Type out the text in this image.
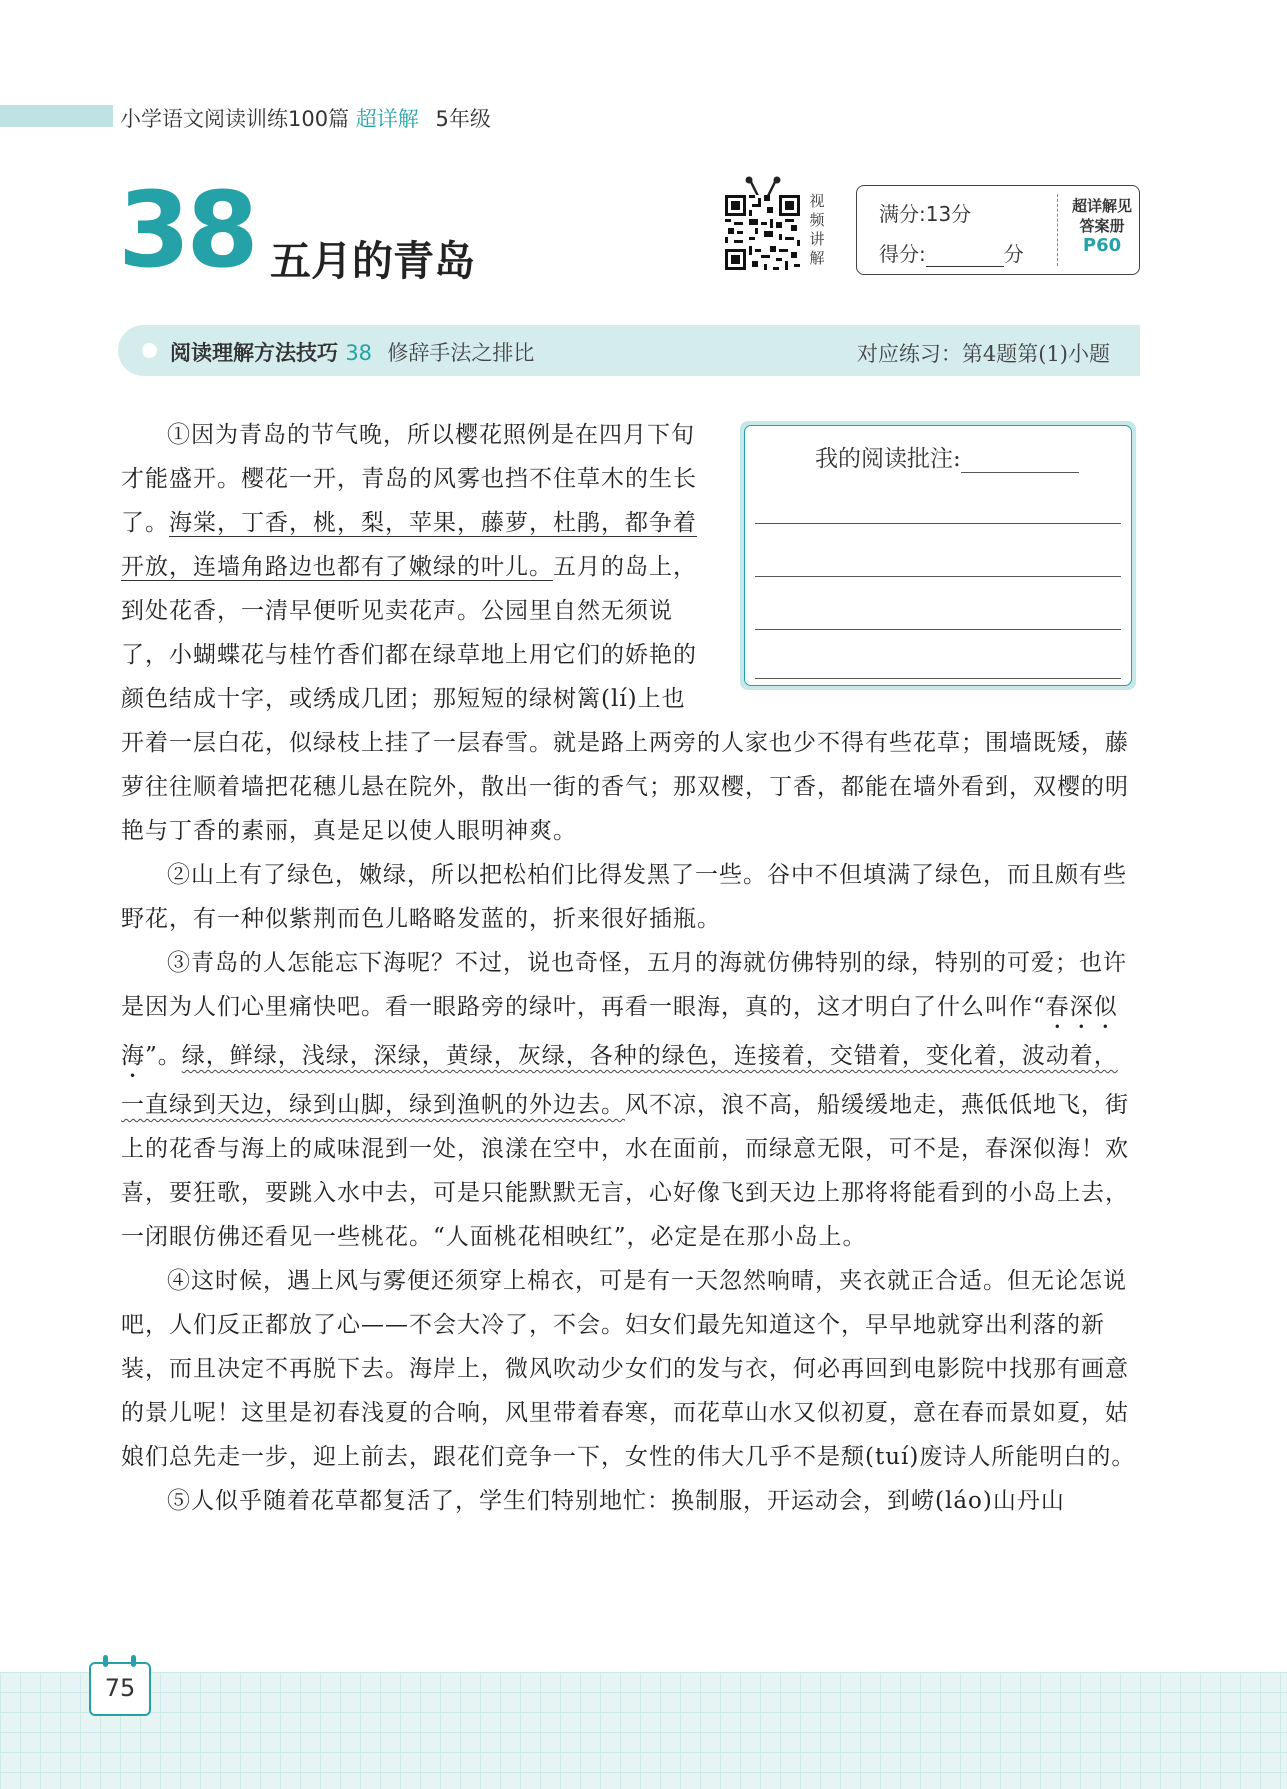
小学语文阅读训练100篇 超详解 5年级
38 五月的青岛
视
频
讲
解
满分:13分
得分:	分
超详解见
答案册
P60
阅读理解方法技巧 38 修辞手法之排比	对应练习：第4题第(1)小题
我的阅读批注:

①因为青岛的节气晚，所以樱花照例是在四月下旬才能盛开。樱花一开，青岛的风雾也挡不住草木的生长了。海棠，丁香，桃，梨，苹果，藤萝，杜鹃，都争着开放，连墙角路边也都有了嫩绿的叶儿。五月的岛上，到处花香，一清早便听见卖花声。公园里自然无须说了，小蝴蝶花与桂竹香们都在绿草地上用它们的娇艳的颜色结成十字，或绣成几团；那短短的绿树篱(lí)上也开着一层白花，似绿枝上挂了一层春雪。就是路上两旁的人家也少不得有些花草；围墙既矮，藤萝往往顺着墙把花穗儿悬在院外，散出一街的香气；那双樱，丁香，都能在墙外看到，双樱的明艳与丁香的素丽，真是足以使人眼明神爽。

②山上有了绿色，嫩绿，所以把松柏们比得发黑了一些。谷中不但填满了绿色，而且颇有些野花，有一种似紫荆而色儿略略发蓝的，折来很好插瓶。

③青岛的人怎能忘下海呢？不过，说也奇怪，五月的海就仿佛特别的绿，特别的可爱；也许是因为人们心里痛快吧。看一眼路旁的绿叶，再看一眼海，真的，这才明白了什么叫作“春深似海”。绿，鲜绿，浅绿，深绿，黄绿，灰绿，各种的绿色，连接着，交错着，变化着，波动着，一直绿到天边，绿到山脚，绿到渔帆的外边去。风不凉，浪不高，船缓缓地走，燕低低地飞，街上的花香与海上的咸味混到一处，浪漾在空中，水在面前，而绿意无限，可不是，春深似海！欢喜，要狂歌，要跳入水中去，可是只能默默无言，心好像飞到天边上那将将能看到的小岛上去，一闭眼仿佛还看见一些桃花。“人面桃花相映红”，必定是在那小岛上。

④这时候，遇上风与雾便还须穿上棉衣，可是有一天忽然响晴，夹衣就正合适。但无论怎说吧，人们反正都放了心——不会大冷了，不会。妇女们最先知道这个，早早地就穿出利落的新装，而且决定不再脱下去。海岸上，微风吹动少女们的发与衣，何必再回到电影院中找那有画意的景儿呢！这里是初春浅夏的合响，风里带着春寒，而花草山水又似初夏，意在春而景如夏，姑娘们总先走一步，迎上前去，跟花们竞争一下，女性的伟大几乎不是颓(tuí)废诗人所能明白的。

⑤人似乎随着花草都复活了，学生们特别地忙：换制服，开运动会，到崂(láo)山丹山

75
